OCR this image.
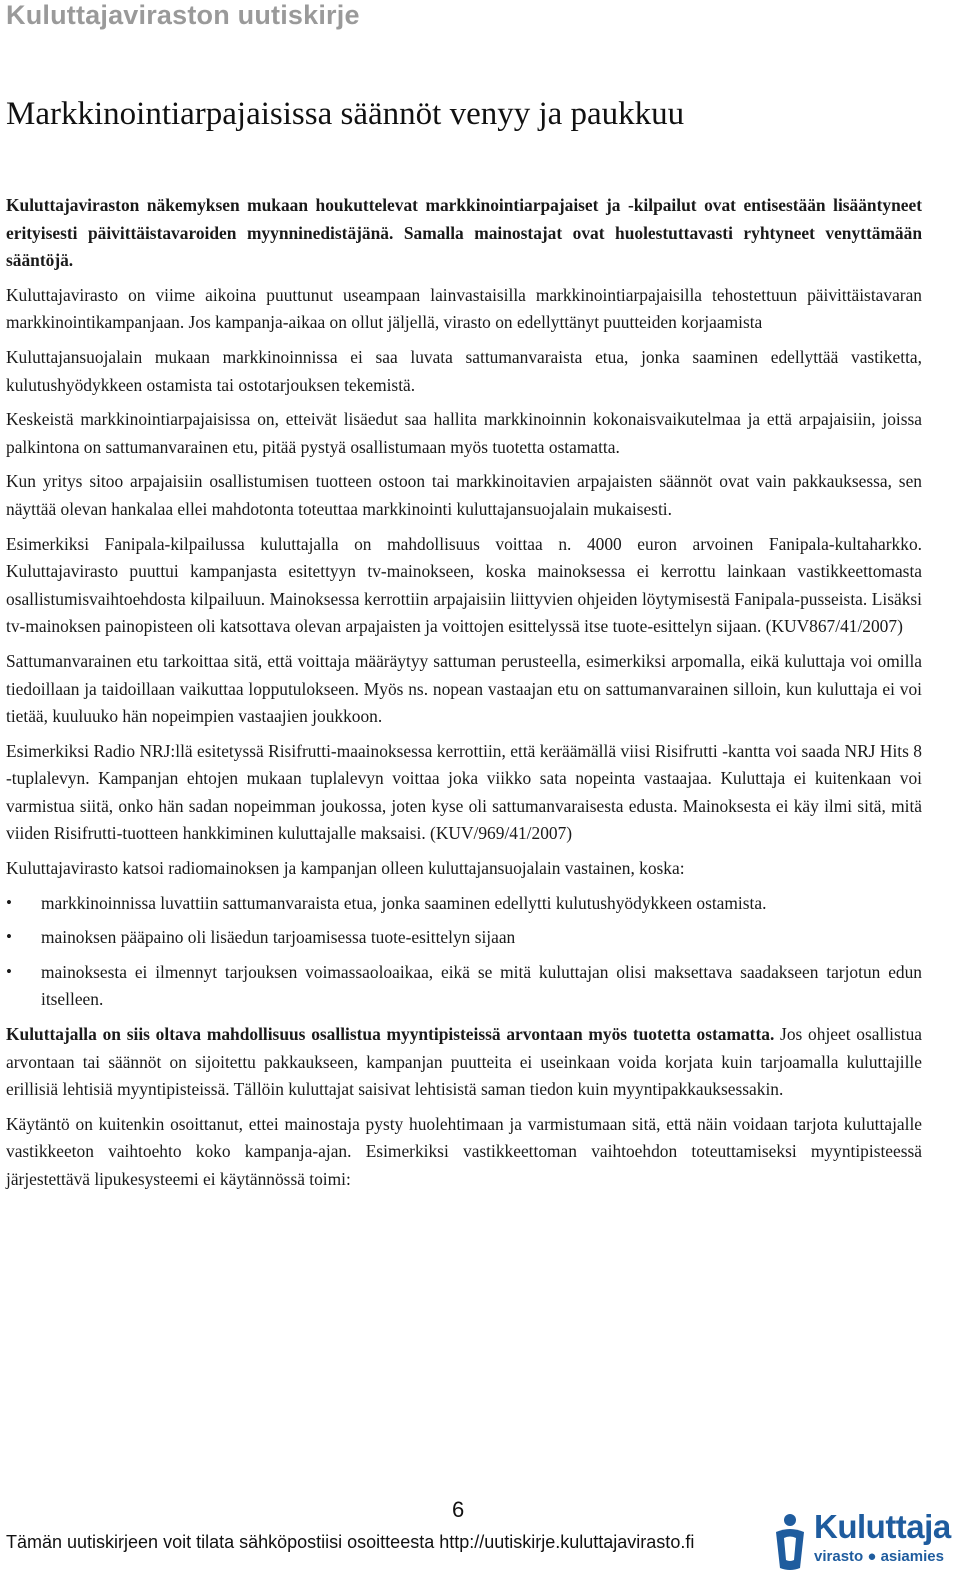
Kuluttajaviraston uutiskirje
Markkinointiarpajaisissa säännöt venyy ja paukkuu

Kuluttajaviraston näkemyksen mukaan houkuttelevat markkinointiarpajaiset ja -kilpailut ovat entisestään lisääntyneet erityisesti päivittäistavaroiden myynninedistäjänä. Samalla mainostajat ovat huolestuttavasti ryhtyneet venyttämään sääntöjä.

Kuluttajavirasto on viime aikoina puuttunut useampaan lainvastaisilla markkinointiarpajaisilla tehostettuun päivittäistavaran markkinointikampanjaan. Jos kampanja-aikaa on ollut jäljellä, virasto on edellyttänyt puutteiden korjaamista

Kuluttajansuojalain mukaan markkinoinnissa ei saa luvata sattumanvaraista etua, jonka saaminen edellyttää vastiketta, kulutushyödykkeen ostamista tai ostotarjouksen tekemistä.

Keskeistä markkinointiarpajaisissa on, etteivät lisäedut saa hallita markkinoinnin kokonaisvaikutelmaa ja että arpajaisiin, joissa palkintona on sattumanvarainen etu, pitää pystyä osallistumaan myös tuotetta ostamatta.

Kun yritys sitoo arpajaisiin osallistumisen tuotteen ostoon tai markkinoitavien arpajaisten säännöt ovat vain pakkauksessa, sen näyttää olevan hankalaa ellei mahdotonta toteuttaa markkinointi kuluttajansuojalain mukaisesti.

Esimerkiksi Fanipala-kilpailussa kuluttajalla on mahdollisuus voittaa n. 4000 euron arvoinen Fanipala-kultaharkko. Kuluttajavirasto puuttui kampanjasta esitettyyn tv-mainokseen, koska mainoksessa ei kerrottu lainkaan vastikkeettomasta osallistumisvaihtoehdosta kilpailuun. Mainoksessa kerrottiin arpajaisiin liittyvien ohjeiden löytymisestä Fanipala-pusseista. Lisäksi tv-mainoksen painopisteen oli katsottava olevan arpajaisten ja voittojen esittelyssä itse tuote-esittelyn sijaan. (KUV867/41/2007)

Sattumanvarainen etu tarkoittaa sitä, että voittaja määräytyy sattuman perusteella, esimerkiksi arpomalla, eikä kuluttaja voi omilla tiedoillaan ja taidoillaan vaikuttaa lopputulokseen. Myös ns. nopean vastaajan etu on sattumanvarainen silloin, kun kuluttaja ei voi tietää, kuuluuko hän nopeimpien vastaajien joukkoon.

Esimerkiksi Radio NRJ:llä esitetyssä Risifrutti-maainoksessa kerrottiin, että keräämällä viisi Risifrutti -kantta voi saada NRJ Hits 8 -tuplalevyn. Kampanjan ehtojen mukaan tuplalevyn voittaa joka viikko sata nopeinta vastaajaa. Kuluttaja ei kuitenkaan voi varmistua siitä, onko hän sadan nopeimman joukossa, joten kyse oli sattumanvaraisesta edusta. Mainoksesta ei käy ilmi sitä, mitä viiden Risifrutti-tuotteen hankkiminen kuluttajalle maksaisi. (KUV/969/41/2007)

Kuluttajavirasto katsoi radiomainoksen ja kampanjan olleen kuluttajansuojalain vastainen, koska:

• markkinoinnissa luvattiin sattumanvaraista etua, jonka saaminen edellytti kulutushyödykkeen ostamista.
• mainoksen pääpaino oli lisäedun tarjoamisessa tuote-esittelyn sijaan
• mainoksesta ei ilmennyt tarjouksen voimassaoloaikaa, eikä se mitä kuluttajan olisi maksettava saadakseen tarjotun edun itselleen.

Kuluttajalla on siis oltava mahdollisuus osallistua myyntipisteissä arvontaan myös tuotetta ostamatta. Jos ohjeet osallistua arvontaan tai säännöt on sijoitettu pakkaukseen, kampanjan puutteita ei useinkaan voida korjata kuin tarjoamalla kuluttajille erillisiä lehtisiä myyntipisteissä. Tällöin kuluttajat saisivat lehtisistä saman tiedon kuin myyntipakkauksessakin.

Käytäntö on kuitenkin osoittanut, ettei mainostaja pysty huolehtimaan ja varmistumaan sitä, että näin voidaan tarjota kuluttajalle vastikkeeton vaihtoehto koko kampanja-ajan. Esimerkiksi vastikkeettoman vaihtoehdon toteuttamiseksi myyntipisteessä järjestettävä lipukesysteemi ei käytännössä toimi:

6
Tämän uutiskirjeen voit tilata sähköpostiisi osoitteesta http://uutiskirje.kuluttajavirasto.fi	Kuluttaja
virasto ● asiamies
